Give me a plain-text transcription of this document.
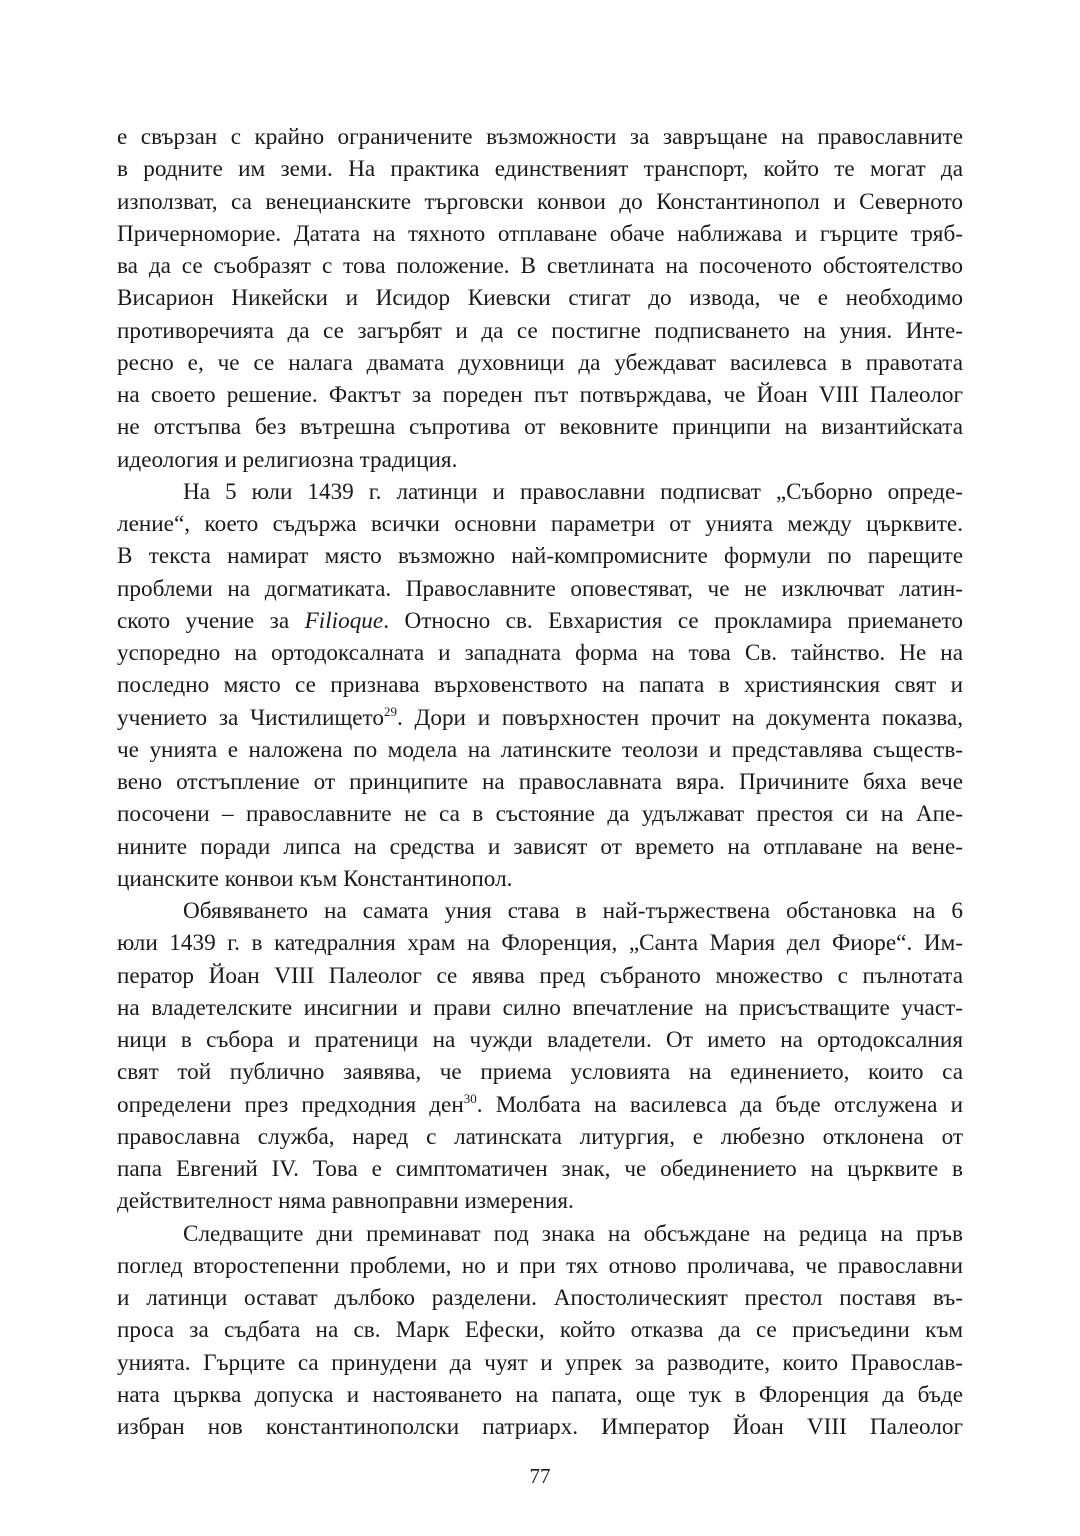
е свързан с крайно ограничените възможности за завръщане на православните
в родните им земи. На практика единственият транспорт, който те могат да
използват, са венецианските търговски конвои до Константинопол и Северното
Причерноморие. Датата на тяхното отплаване обаче наближава и гърците тряб-
ва да се съобразят с това положение. В светлината на посоченото обстоятелство
Висарион Никейски и Исидор Киевски стигат до извода, че е необходимо
противоречията да се загърбят и да се постигне подписването на уния. Инте-
ресно е, че се налага двамата духовници да убеждават василевса в правотата
на своето решение. Фактът за пореден път потвърждава, че Йоан VIII Палеолог
не отстъпва без вътрешна съпротива от вековните принципи на византийската
идеология и религиозна традиция.
На 5 юли 1439 г. латинци и православни подписват „Съборно опреде-
ление“, което съдържа всички основни параметри от унията между църквите.
В текста намират място възможно най-компромисните формули по парещите
проблеми на догматиката. Православните оповестяват, че не изключват латин-
ското учение за Filioque. Относно св. Евхаристия се прокламира приемането
успоредно на ортодоксалната и западната форма на това Св. тайнство. Не на
последно място се признава върховенството на папата в християнския свят и
учението за Чистилището$^{29}$. Дори и повърхностен прочит на документа показва,
че унията е наложена по модела на латинските теолози и представлява съществ-
вено отстъпление от принципите на православната вяра. Причините бяха вече
посочени – православните не са в състояние да удължават престоя си на Апе-
нините поради липса на средства и зависят от времето на отплаване на вене-
цианските конвои към Константинопол.
Обявяването на самата уния става в най-тържествена обстановка на 6
юли 1439 г. в катедралния храм на Флоренция, „Санта Мария дел Фиоре“. Им-
ператор Йоан VIII Палеолог се явява пред събраното множество с пълнотата
на владетелските инсигнии и прави силно впечатление на присъстващите участ-
ници в събора и пратеници на чужди владетели. От името на ортодоксалния
свят той публично заявява, че приема условията на единението, които са
определени през предходния ден$^{30}$. Молбата на василевса да бъде отслужена и
православна служба, наред с латинската литургия, е любезно отклонена от
папа Евгений IV. Това е симптоматичен знак, че обединението на църквите в
действителност няма равноправни измерения.
Следващите дни преминават под знака на обсъждане на редица на пръв
поглед второстепенни проблеми, но и при тях отново проличава, че православни
и латинци остават дълбоко разделени. Апостолическият престол поставя въ-
проса за съдбата на св. Марк Ефески, който отказва да се присъедини към
унията. Гърците са принудени да чуят и упрек за разводите, които Православ-
ната църква допуска и настояването на папата, още тук в Флоренция да бъде
избран нов константинополски патриарх. Император Йоан VIII Палеолог
77
